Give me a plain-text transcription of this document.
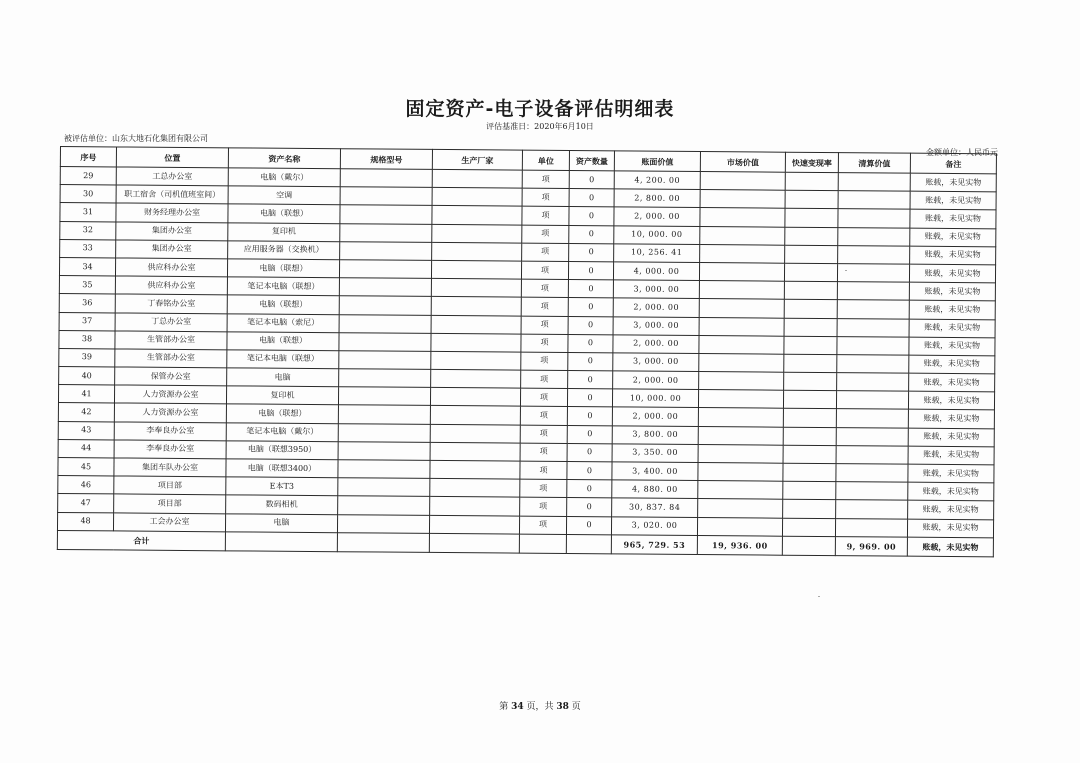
固定资产-电子设备评估明细表
评估基准日：2020年6月10日
被评估单位：山东大地石化集团有限公司
金额单位：人民币元
序号	位置	资产名称	规格型号	生产厂家	单位	资产数量	账面价值	市场价值	快速变现率	清算价值	备注
29	工总办公室	电脑（戴尔）			项	0	4, 200. 00				账载，未见实物
30	职工宿舍（司机值班室间）	空调			项	0	2, 800. 00				账载，未见实物
31	财务经理办公室	电脑（联想）			项	0	2, 000. 00				账载，未见实物
32	集团办公室	复印机			项	0	10, 000. 00				账载，未见实物
33	集团办公室	应用服务器（交换机）			项	0	10, 256. 41				账载，未见实物
34	供应科办公室	电脑（联想）			项	0	4, 000. 00				账载，未见实物
35	供应科办公室	笔记本电脑（联想）			项	0	3, 000. 00				账载，未见实物
36	丁春铭办公室	电脑（联想）			项	0	2, 000. 00				账载，未见实物
37	丁总办公室	笔记本电脑（索尼）			项	0	3, 000. 00				账载，未见实物
38	生管部办公室	电脑（联想）			项	0	2, 000. 00				账载，未见实物
39	生管部办公室	笔记本电脑（联想）			项	0	3, 000. 00				账载，未见实物
40	保管办公室	电脑			项	0	2, 000. 00				账载，未见实物
41	人力资源办公室	复印机			项	0	10, 000. 00				账载，未见实物
42	人力资源办公室	电脑（联想）			项	0	2, 000. 00				账载，未见实物
43	李奉良办公室	笔记本电脑（戴尔）			项	0	3, 800. 00				账载，未见实物
44	李奉良办公室	电脑（联想3950）			项	0	3, 350. 00				账载，未见实物
45	集团车队办公室	电脑（联想3400）			项	0	3, 400. 00				账载，未见实物
46	项目部	E本T3			项	0	4, 880. 00				账载，未见实物
47	项目部	数码相机			项	0	30, 837. 84				账载，未见实物
48	工会办公室	电脑			项	0	3, 020. 00				账载，未见实物
合计							965, 729. 53	19, 936. 00		9, 969. 00	账载，未见实物
第 34 页，共 38 页
